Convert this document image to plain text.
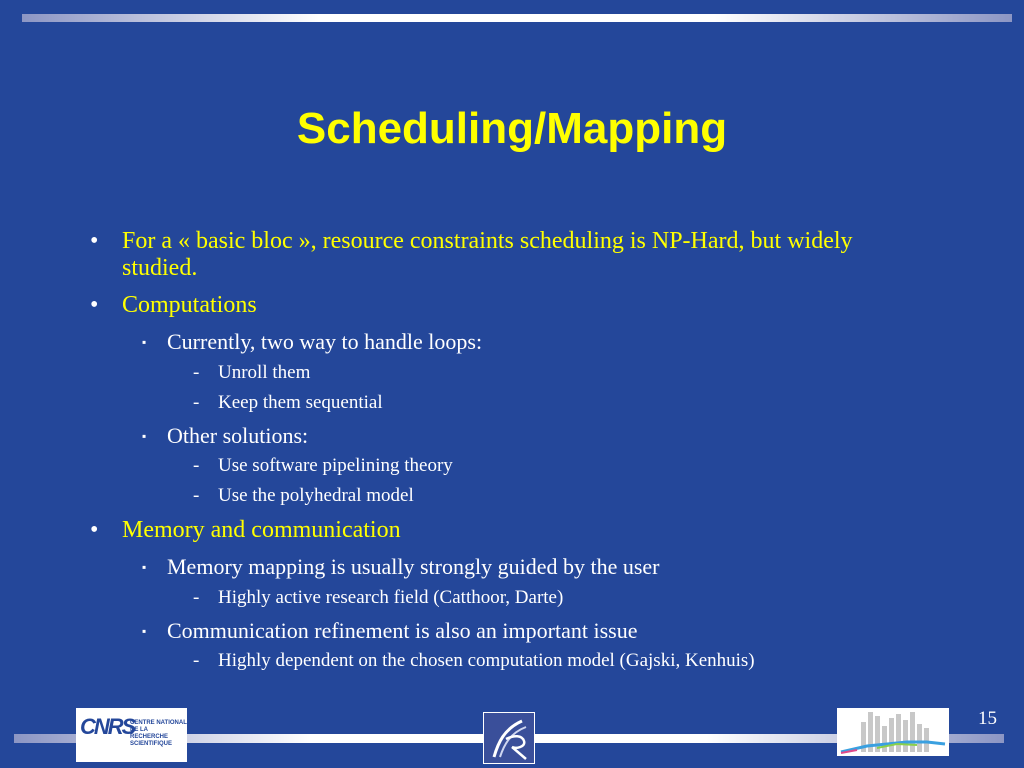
Scheduling/Mapping
• For a « basic bloc », resource constraints scheduling is NP-Hard, but widely studied.
• Computations
▪ Currently, two way to handle loops:
- Unroll them
- Keep them sequential
▪ Other solutions:
- Use software pipelining theory
- Use the polyhedral model
• Memory and communication
▪ Memory mapping is usually strongly guided by the user
- Highly active research field (Catthoor, Darte)
▪ Communication refinement is also an important issue
- Highly dependent on the chosen computation model (Gajski, Kenhuis)
CNRS
CENTRE NATIONAL
DE LA RECHERCHE
SCIENTIFIQUE
15
